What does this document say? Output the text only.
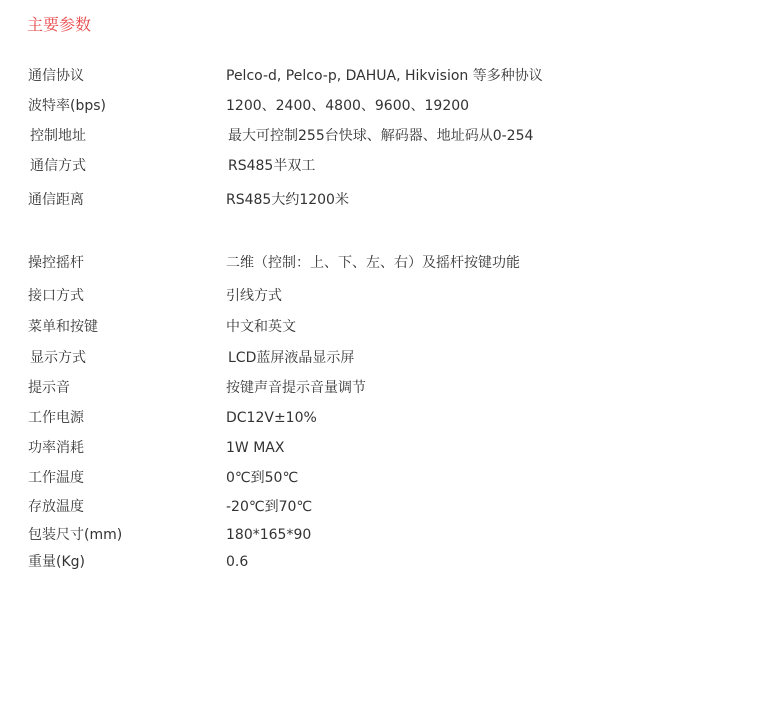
主要参数
通信协议	Pelco-d, Pelco-p, DAHUA, Hikvision 等多种协议
波特率(bps)	1200、2400、4800、9600、19200
控制地址	最大可控制255台快球、解码器、地址码从0-254
通信方式	RS485半双工
通信距离	RS485大约1200米
操控摇杆	二维（控制：上、下、左、右）及摇杆按键功能
接口方式	引线方式
菜单和按键	中文和英文
显示方式	LCD蓝屏液晶显示屏
提示音	按键声音提示音量调节
工作电源	DC12V±10%
功率消耗	1W MAX
工作温度	0℃到50℃
存放温度	-20℃到70℃
包装尺寸(mm)	180*165*90
重量(Kg)	0.6
